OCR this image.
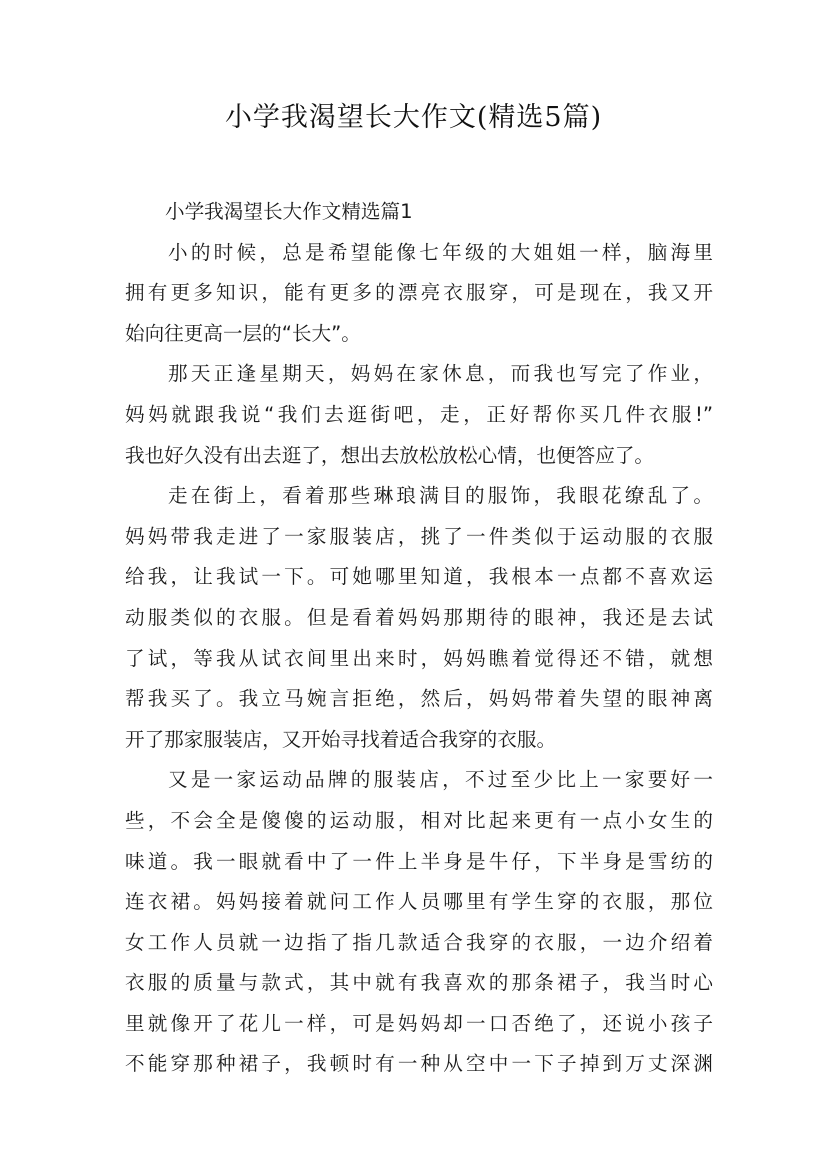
小学我渴望长大作文(精选5篇)
小学我渴望长大作文精选篇1
小的时候，总是希望能像七年级的大姐姐一样，脑海里
拥有更多知识，能有更多的漂亮衣服穿，可是现在，我又开
始向往更高一层的“长大”。
那天正逢星期天，妈妈在家休息，而我也写完了作业，
妈妈就跟我说“我们去逛街吧，走，正好帮你买几件衣服!”
我也好久没有出去逛了，想出去放松放松心情，也便答应了。
走在街上，看着那些琳琅满目的服饰，我眼花缭乱了。
妈妈带我走进了一家服装店，挑了一件类似于运动服的衣服
给我，让我试一下。可她哪里知道，我根本一点都不喜欢运
动服类似的衣服。但是看着妈妈那期待的眼神，我还是去试
了试，等我从试衣间里出来时，妈妈瞧着觉得还不错，就想
帮我买了。我立马婉言拒绝，然后，妈妈带着失望的眼神离
开了那家服装店，又开始寻找着适合我穿的衣服。
又是一家运动品牌的服装店，不过至少比上一家要好一
些，不会全是傻傻的运动服，相对比起来更有一点小女生的
味道。我一眼就看中了一件上半身是牛仔，下半身是雪纺的
连衣裙。妈妈接着就问工作人员哪里有学生穿的衣服，那位
女工作人员就一边指了指几款适合我穿的衣服，一边介绍着
衣服的质量与款式，其中就有我喜欢的那条裙子，我当时心
里就像开了花儿一样，可是妈妈却一口否绝了，还说小孩子
不能穿那种裙子，我顿时有一种从空中一下子掉到万丈深渊
